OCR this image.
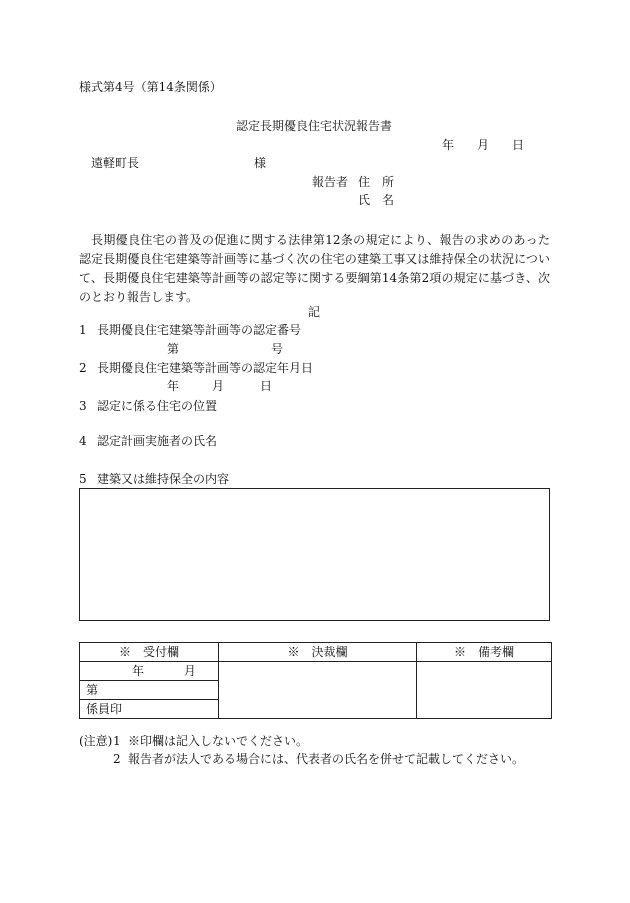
様式第4号（第14条関係）
認定長期優良住宅状況報告書
年 月 日
遠軽町長	様
報告者 住　所
氏　名
長期優良住宅の普及の促進に関する法律第12条の規定により、報告の求めのあった認定長期優良住宅建築等計画等に基づく次の住宅の建築工事又は維持保全の状況について、長期優良住宅建築等計画等の認定等に関する要綱第14条第2項の規定に基づき、次のとおり報告します。
記
1 長期優良住宅建築等計画等の認定番号
第	号
2 長期優良住宅建築等計画等の認定年月日
年	月	日
3 認定に係る住宅の位置
4 認定計画実施者の氏名
5 建築又は維持保全の内容
※　受付欄	※　決裁欄	※　備考欄
年 月		
第		
係員印		
(注意) 1 ※印欄は記入しないでください。
2 報告者が法人である場合には、代表者の氏名を併せて記載してください。
